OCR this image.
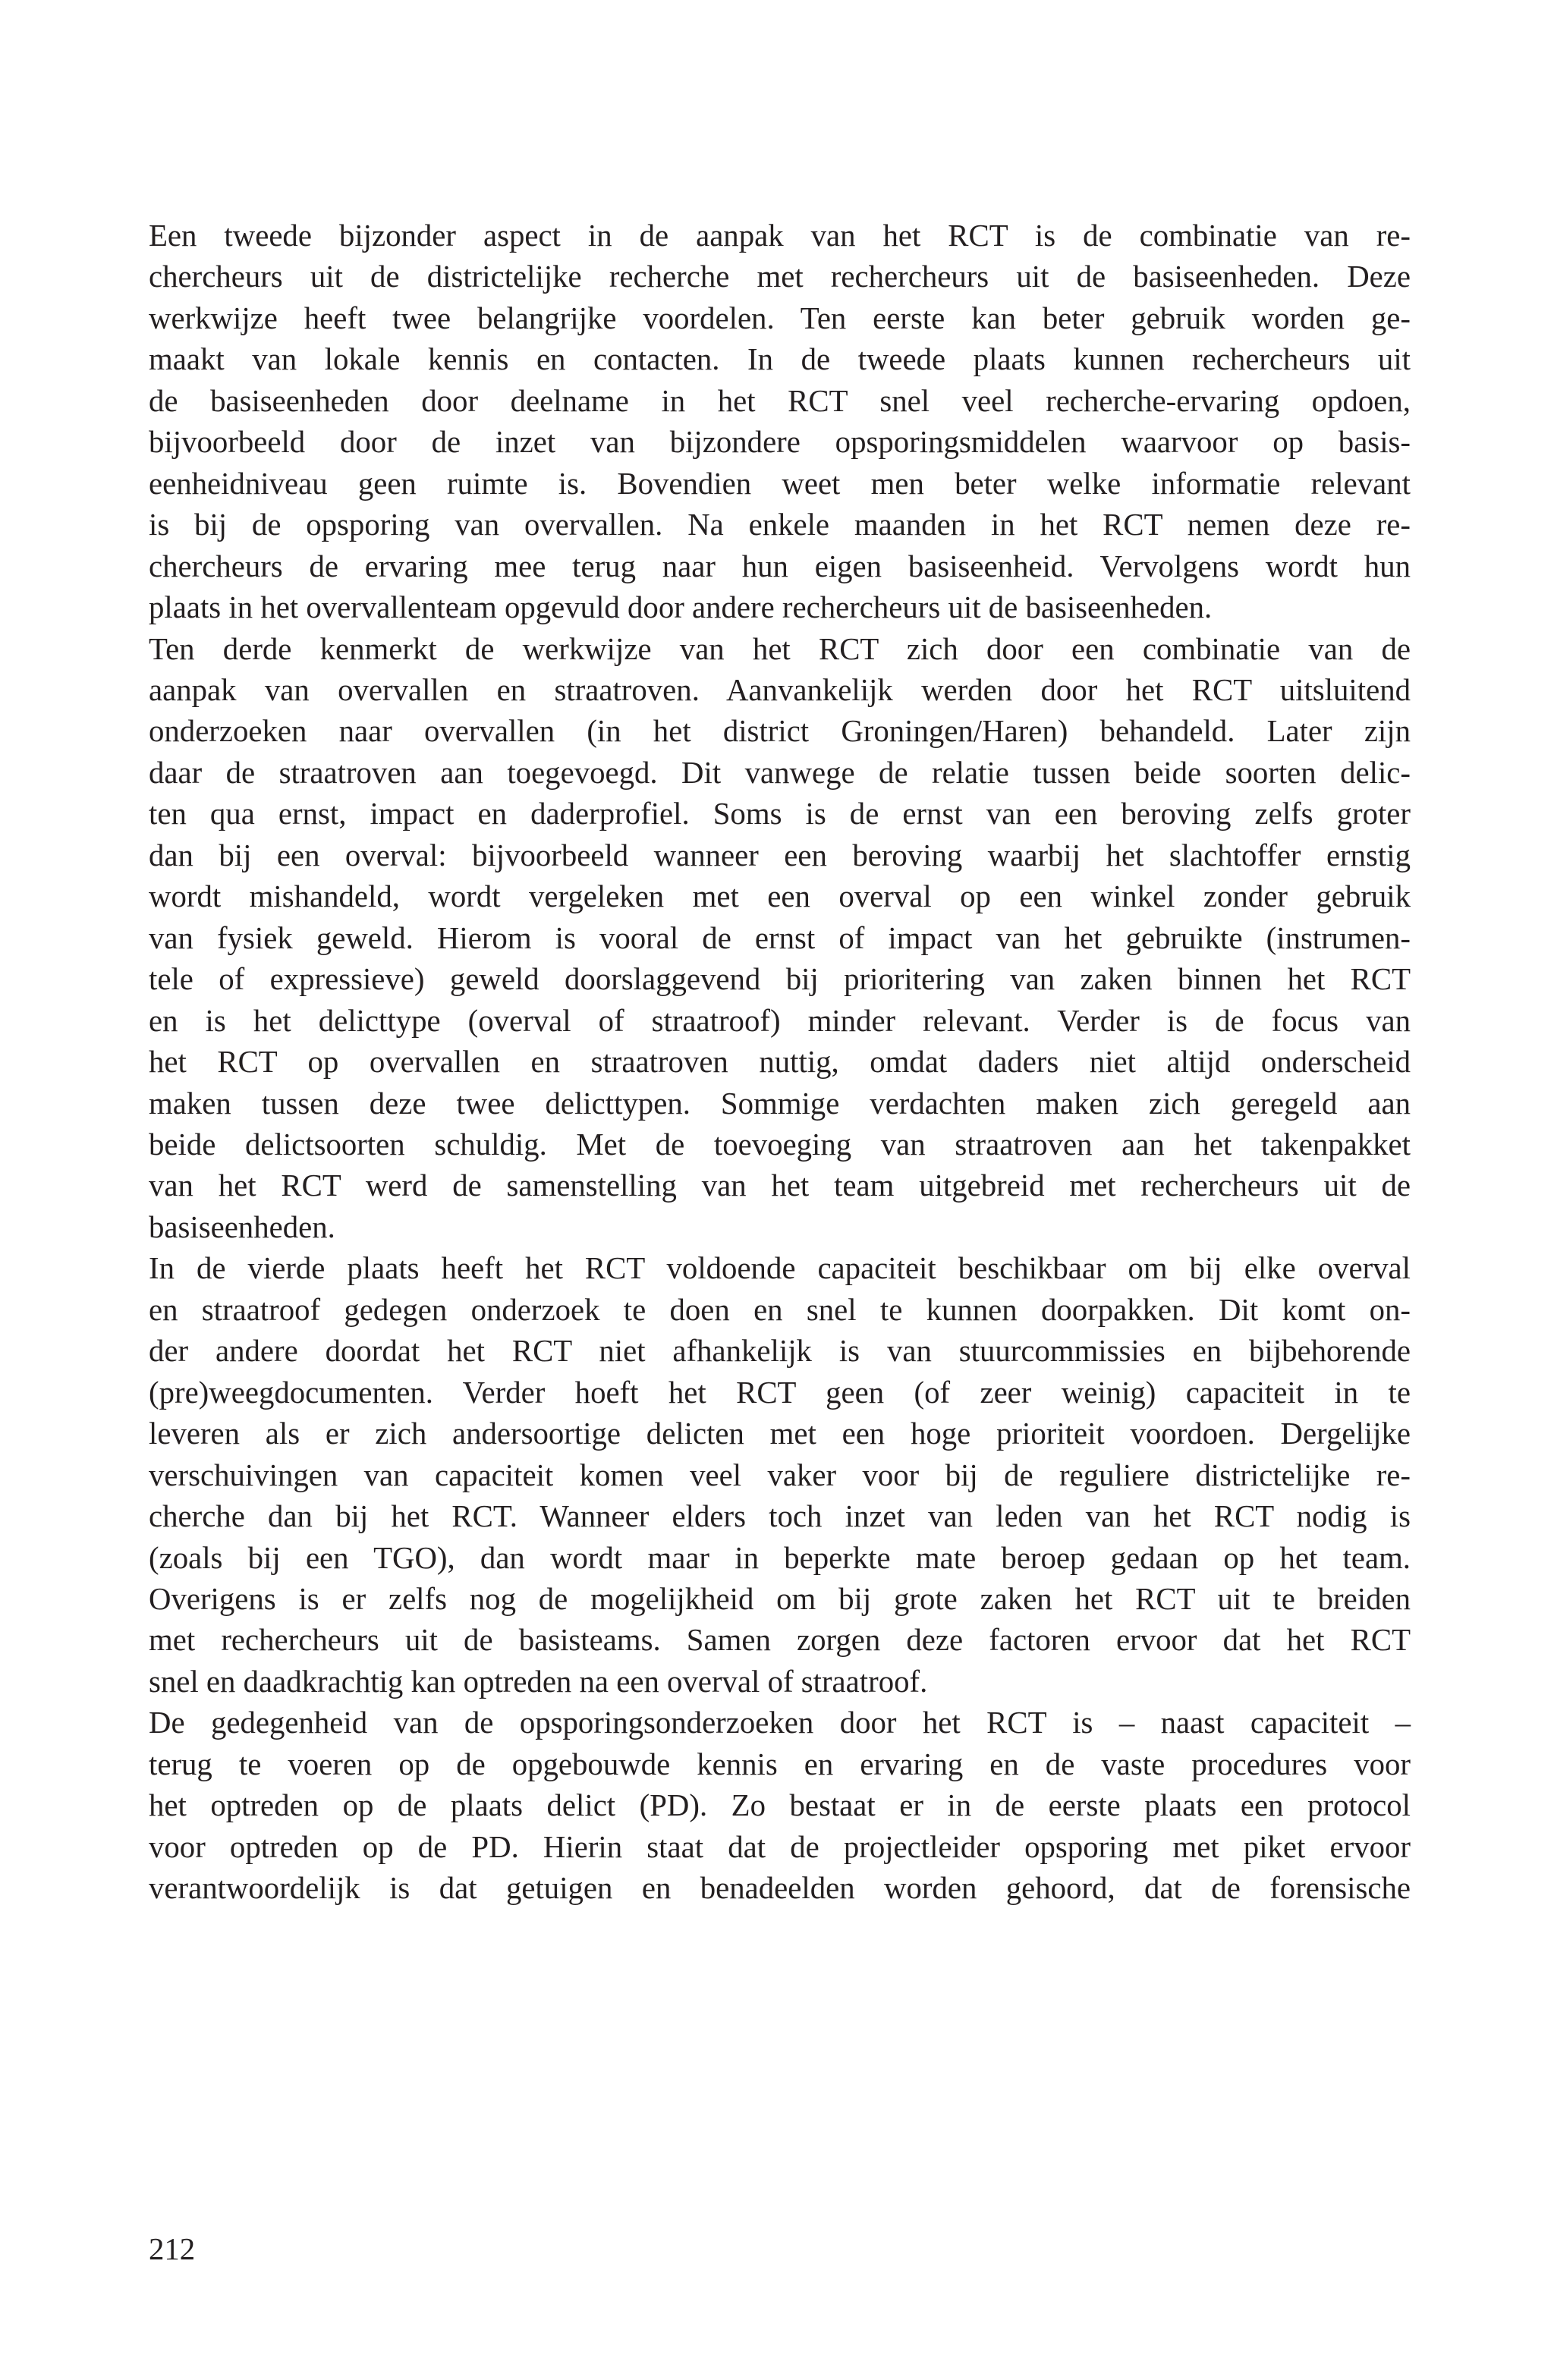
Een tweede bijzonder aspect in de aanpak van het RCT is de combinatie van re-
chercheurs uit de districtelijke recherche met rechercheurs uit de basiseenheden. Deze
werkwijze heeft twee belangrijke voordelen. Ten eerste kan beter gebruik worden ge-
maakt van lokale kennis en contacten. In de tweede plaats kunnen rechercheurs uit
de basiseenheden door deelname in het RCT snel veel recherche-ervaring opdoen,
bijvoorbeeld door de inzet van bijzondere opsporingsmiddelen waarvoor op basis-
eenheidniveau geen ruimte is. Bovendien weet men beter welke informatie relevant
is bij de opsporing van overvallen. Na enkele maanden in het RCT nemen deze re-
chercheurs de ervaring mee terug naar hun eigen basiseenheid. Vervolgens wordt hun
plaats in het overvallenteam opgevuld door andere rechercheurs uit de basiseenheden.
Ten derde kenmerkt de werkwijze van het RCT zich door een combinatie van de
aanpak van overvallen en straatroven. Aanvankelijk werden door het RCT uitsluitend
onderzoeken naar overvallen (in het district Groningen/Haren) behandeld. Later zijn
daar de straatroven aan toegevoegd. Dit vanwege de relatie tussen beide soorten delic-
ten qua ernst, impact en daderprofiel. Soms is de ernst van een beroving zelfs groter
dan bij een overval: bijvoorbeeld wanneer een beroving waarbij het slachtoffer ernstig
wordt mishandeld, wordt vergeleken met een overval op een winkel zonder gebruik
van fysiek geweld. Hierom is vooral de ernst of impact van het gebruikte (instrumen-
tele of expressieve) geweld doorslaggevend bij prioritering van zaken binnen het RCT
en is het delicttype (overval of straatroof) minder relevant. Verder is de focus van
het RCT op overvallen en straatroven nuttig, omdat daders niet altijd onderscheid
maken tussen deze twee delicttypen. Sommige verdachten maken zich geregeld aan
beide delictsoorten schuldig. Met de toevoeging van straatroven aan het takenpakket
van het RCT werd de samenstelling van het team uitgebreid met rechercheurs uit de
basiseenheden.
In de vierde plaats heeft het RCT voldoende capaciteit beschikbaar om bij elke overval
en straatroof gedegen onderzoek te doen en snel te kunnen doorpakken. Dit komt on-
der andere doordat het RCT niet afhankelijk is van stuurcommissies en bijbehorende
(pre)weegdocumenten. Verder hoeft het RCT geen (of zeer weinig) capaciteit in te
leveren als er zich andersoortige delicten met een hoge prioriteit voordoen. Dergelijke
verschuivingen van capaciteit komen veel vaker voor bij de reguliere districtelijke re-
cherche dan bij het RCT. Wanneer elders toch inzet van leden van het RCT nodig is
(zoals bij een TGO), dan wordt maar in beperkte mate beroep gedaan op het team.
Overigens is er zelfs nog de mogelijkheid om bij grote zaken het RCT uit te breiden
met rechercheurs uit de basisteams. Samen zorgen deze factoren ervoor dat het RCT
snel en daadkrachtig kan optreden na een overval of straatroof.
De gedegenheid van de opsporingsonderzoeken door het RCT is – naast capaciteit –
terug te voeren op de opgebouwde kennis en ervaring en de vaste procedures voor
het optreden op de plaats delict (PD). Zo bestaat er in de eerste plaats een protocol
voor optreden op de PD. Hierin staat dat de projectleider opsporing met piket ervoor
verantwoordelijk is dat getuigen en benadeelden worden gehoord, dat de forensische
212
